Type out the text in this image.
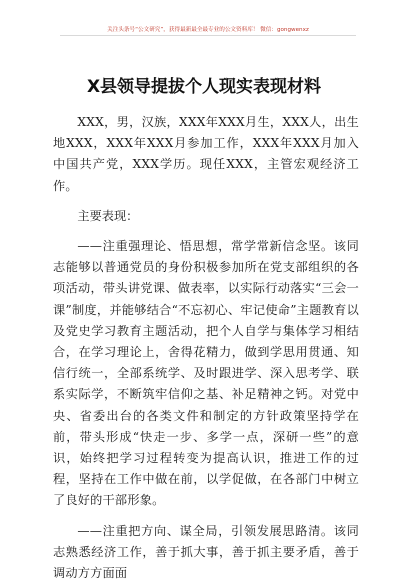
关注头条号“公文研究”，获得最新最全最专业的公文资料库！ 微信：gongwenxz
X县领导提拔个人现实表现材料

XXX，男，汉族，XXX年XXX月生，XXX人，出生地XXX，XXX年XXX月参加工作，XXX年XXX月加入中国共产党，XXX学历。现任XXX，主管宏观经济工作。

主要表现：

——注重强理论、悟思想，常学常新信念坚。该同志能够以普通党员的身份积极参加所在党支部组织的各项活动，带头讲党课、做表率，以实际行动落实“三会一课”制度，并能够结合“不忘初心、牢记使命”主题教育以及党史学习教育主题活动，把个人自学与集体学习相结合，在学习理论上，舍得花精力，做到学思用贯通、知信行统一，全部系统学、及时跟进学、深入思考学、联系实际学，不断筑牢信仰之基、补足精神之钙。对党中央、省委出台的各类文件和制定的方针政策坚持学在前，带头形成“快走一步、多学一点，深研一些”的意识，始终把学习过程转变为提高认识，推进工作的过程，坚持在工作中做在前，以学促做，在各部门中树立了良好的干部形象。

——注重把方向、谋全局，引领发展思路清。该同志熟悉经济工作，善于抓大事，善于抓主要矛盾，善于调动方方面面
